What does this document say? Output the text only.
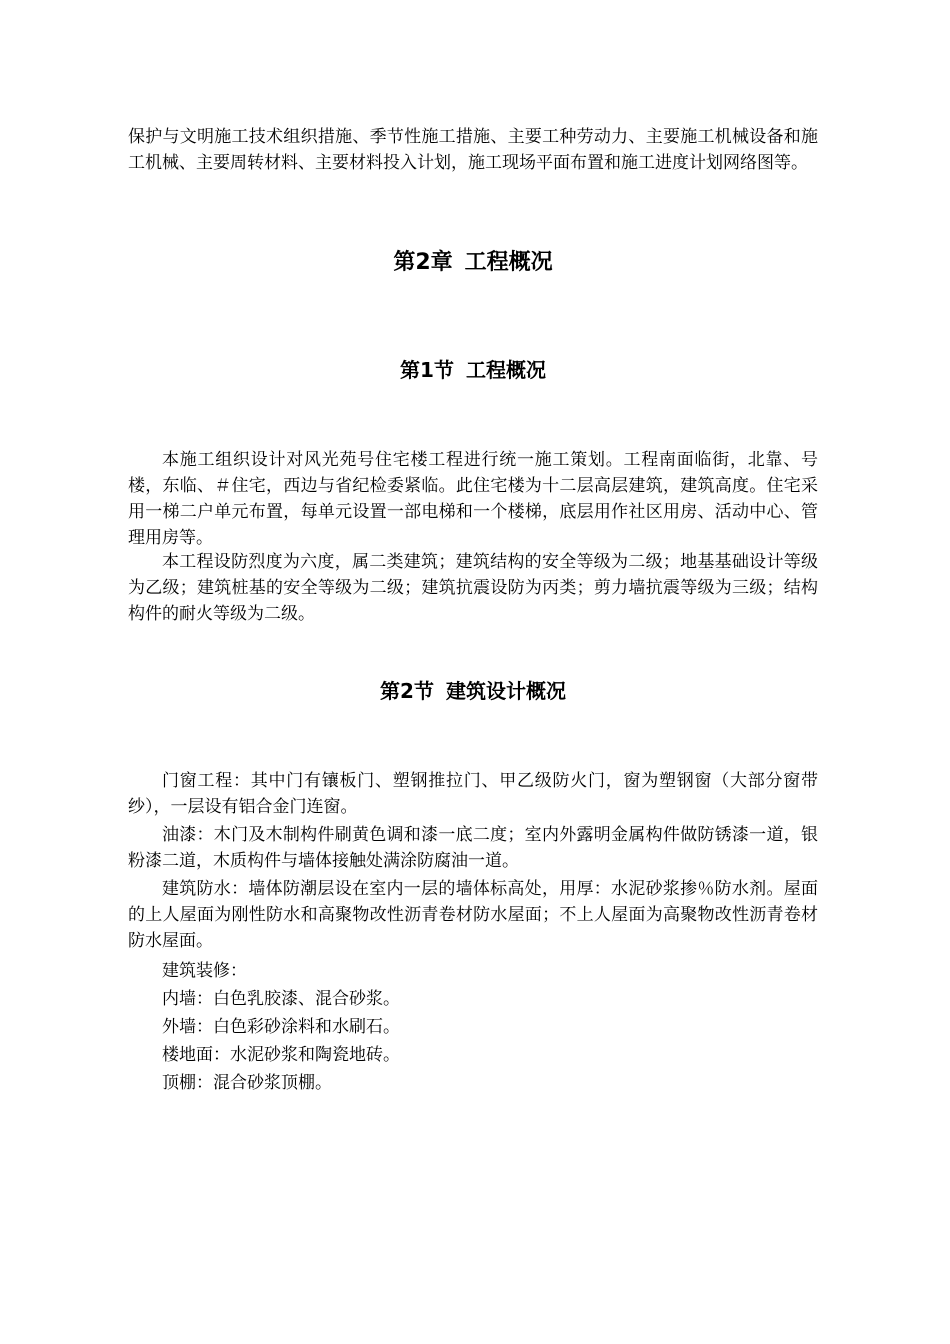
保护与文明施工技术组织措施、季节性施工措施、主要工种劳动力、主要施工机械设备和施工机械、主要周转材料、主要材料投入计划，施工现场平面布置和施工进度计划网络图等。

第2章 工程概况
第1节 工程概况

本施工组织设计对风光苑号住宅楼工程进行统一施工策划。工程南面临街，北靠、号楼，东临、＃住宅，西边与省纪检委紧临。此住宅楼为十二层高层建筑，建筑高度。住宅采用一梯二户单元布置，每单元设置一部电梯和一个楼梯，底层用作社区用房、活动中心、管理用房等。

本工程设防烈度为六度，属二类建筑；建筑结构的安全等级为二级；地基基础设计等级为乙级；建筑桩基的安全等级为二级；建筑抗震设防为丙类；剪力墙抗震等级为三级；结构构件的耐火等级为二级。

第2节 建筑设计概况

门窗工程：其中门有镶板门、塑钢推拉门、甲乙级防火门，窗为塑钢窗（大部分窗带纱），一层设有铝合金门连窗。

油漆：木门及木制构件刷黄色调和漆一底二度；室内外露明金属构件做防锈漆一道，银粉漆二道，木质构件与墙体接触处满涂防腐油一道。

建筑防水：墙体防潮层设在室内一层的墙体标高处，用厚：水泥砂浆掺％防水剂。屋面的上人屋面为刚性防水和高聚物改性沥青卷材防水屋面；不上人屋面为高聚物改性沥青卷材防水屋面。

建筑装修：

内墙：白色乳胶漆、混合砂浆。

外墙：白色彩砂涂料和水刷石。

楼地面：水泥砂浆和陶瓷地砖。

顶棚：混合砂浆顶棚。
